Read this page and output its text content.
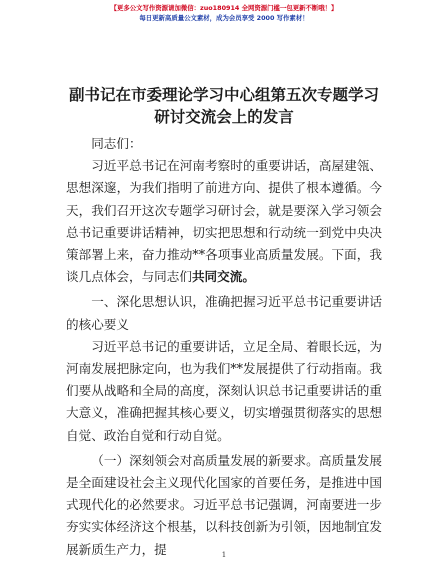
【更多公文写作资源请加微信：zuo180914 全网资源门槛一包更新不断哦！】
每日更新高质量公文素材，成为会员享受 2000 写作素材！
副书记在市委理论学习中心组第五次专题学习
研讨交流会上的发言

同志们：

习近平总书记在河南考察时的重要讲话，高屋建瓴、思想深邃，为我们指明了前进方向、提供了根本遵循。今天，我们召开这次专题学习研讨会，就是要深入学习领会总书记重要讲话精神，切实把思想和行动统一到党中央决策部署上来，奋力推动**各项事业高质量发展。下面，我谈几点体会，与同志们共同交流。

一、深化思想认识，准确把握习近平总书记重要讲话的核心要义

习近平总书记的重要讲话，立足全局、着眼长远，为河南发展把脉定向，也为我们**发展提供了行动指南。我们要从战略和全局的高度，深刻认识总书记重要讲话的重大意义，准确把握其核心要义，切实增强贯彻落实的思想自觉、政治自觉和行动自觉。

（一）深刻领会对高质量发展的新要求。高质量发展是全面建设社会主义现代化国家的首要任务，是推进中国式现代化的必然要求。习近平总书记强调，河南要进一步夯实实体经济这个根基，以科技创新为引领，因地制宜发展新质生产力，提	1
